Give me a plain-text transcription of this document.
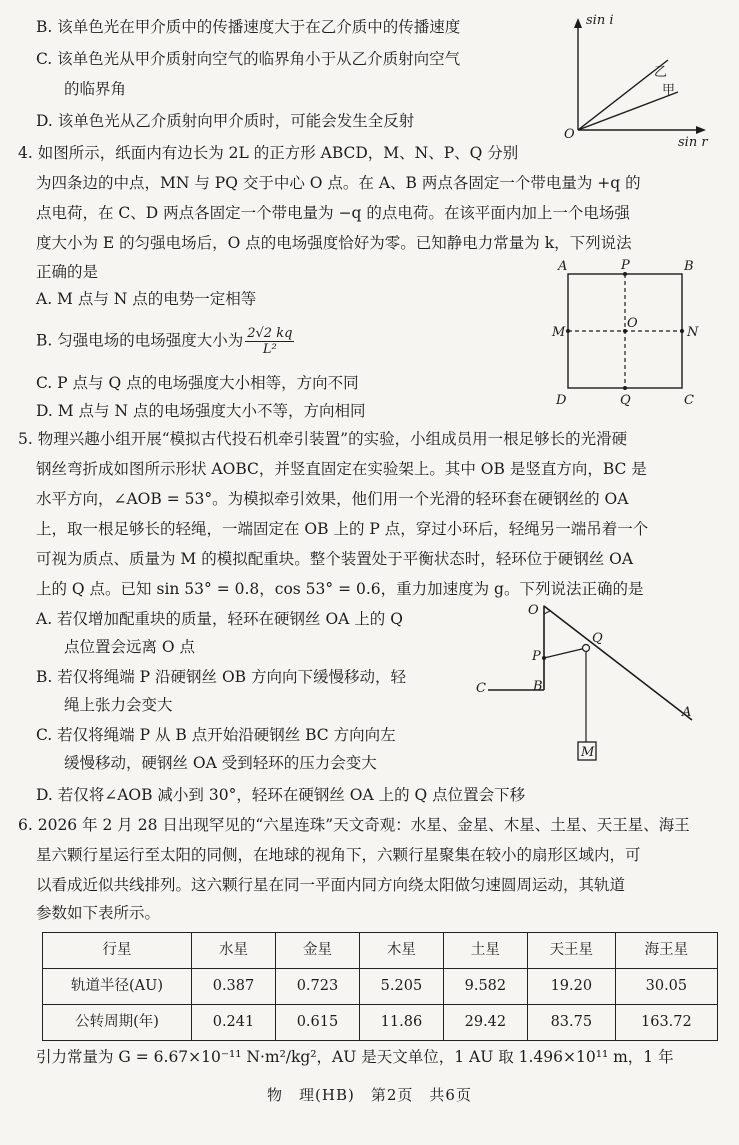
B. 该单色光在甲介质中的传播速度大于在乙介质中的传播速度
C. 该单色光从甲介质射向空气的临界角小于从乙介质射向空气
的临界角
D. 该单色光从乙介质射向甲介质时，可能会发生全反射
sin i
sin r
O
乙
甲
4. 如图所示，纸面内有边长为 2L 的正方形 ABCD，M、N、P、Q 分别
为四条边的中点，MN 与 PQ 交于中心 O 点。在 A、B 两点各固定一个带电量为 +q 的
点电荷，在 C、D 两点各固定一个带电量为 −q 的点电荷。在该平面内加上一个电场强
度大小为 E 的匀强电场后，O 点的电场强度恰好为零。已知静电力常量为 k，下列说法
正确的是
A. M 点与 N 点的电势一定相等
B. 匀强电场的电场强度大小为 $\frac{2√2 kq}{\text{L²}}$
C. P 点与 Q 点的电场强度大小相等，方向不同
D. M 点与 N 点的电场强度大小不等，方向相同
A	B
C
D
P
Q
M	N
O
5. 物理兴趣小组开展“模拟古代投石机牵引装置”的实验，小组成员用一根足够长的光滑硬
钢丝弯折成如图所示形状 AOBC，并竖直固定在实验架上。其中 OB 是竖直方向，BC 是
水平方向，∠AOB = 53°。为模拟牵引效果，他们用一个光滑的轻环套在硬钢丝的 OA
上，取一根足够长的轻绳，一端固定在 OB 上的 P 点，穿过小环后，轻绳另一端吊着一个
可视为质点、质量为 M 的模拟配重块。整个装置处于平衡状态时，轻环位于硬钢丝 OA
上的 Q 点。已知 sin 53° = 0.8，cos 53° = 0.6，重力加速度为 g。下列说法正确的是
A. 若仅增加配重块的质量，轻环在硬钢丝 OA 上的 Q
点位置会远离 O 点
B. 若仅将绳端 P 沿硬钢丝 OB 方向向下缓慢移动，轻
绳上张力会变大
C. 若仅将绳端 P 从 B 点开始沿硬钢丝 BC 方向向左
缓慢移动，硬钢丝 OA 受到轻环的压力会变大
D. 若仅将∠AOB 减小到 30°，轻环在硬钢丝 OA 上的 Q 点位置会下移
O
Q
P
C	B
A
M
6. 2026 年 2 月 28 日出现罕见的“六星连珠”天文奇观：水星、金星、木星、土星、天王星、海王
星六颗行星运行至太阳的同侧，在地球的视角下，六颗行星聚集在较小的扇形区域内，可
以看成近似共线排列。这六颗行星在同一平面内同方向绕太阳做匀速圆周运动，其轨道
参数如下表所示。
行星	水星	金星	木星	土星	天王星	海王星
轨道半径(AU)	0.387	0.723	5.205	9.582	19.20	30.05
公转周期(年)	0.241	0.615	11.86	29.42	83.75	163.72
引力常量为 G = 6.67×10⁻¹¹ N·m²/kg²，AU 是天文单位，1 AU 取 1.496×10¹¹ m，1 年
物　理(HB)　第2页　共6页
